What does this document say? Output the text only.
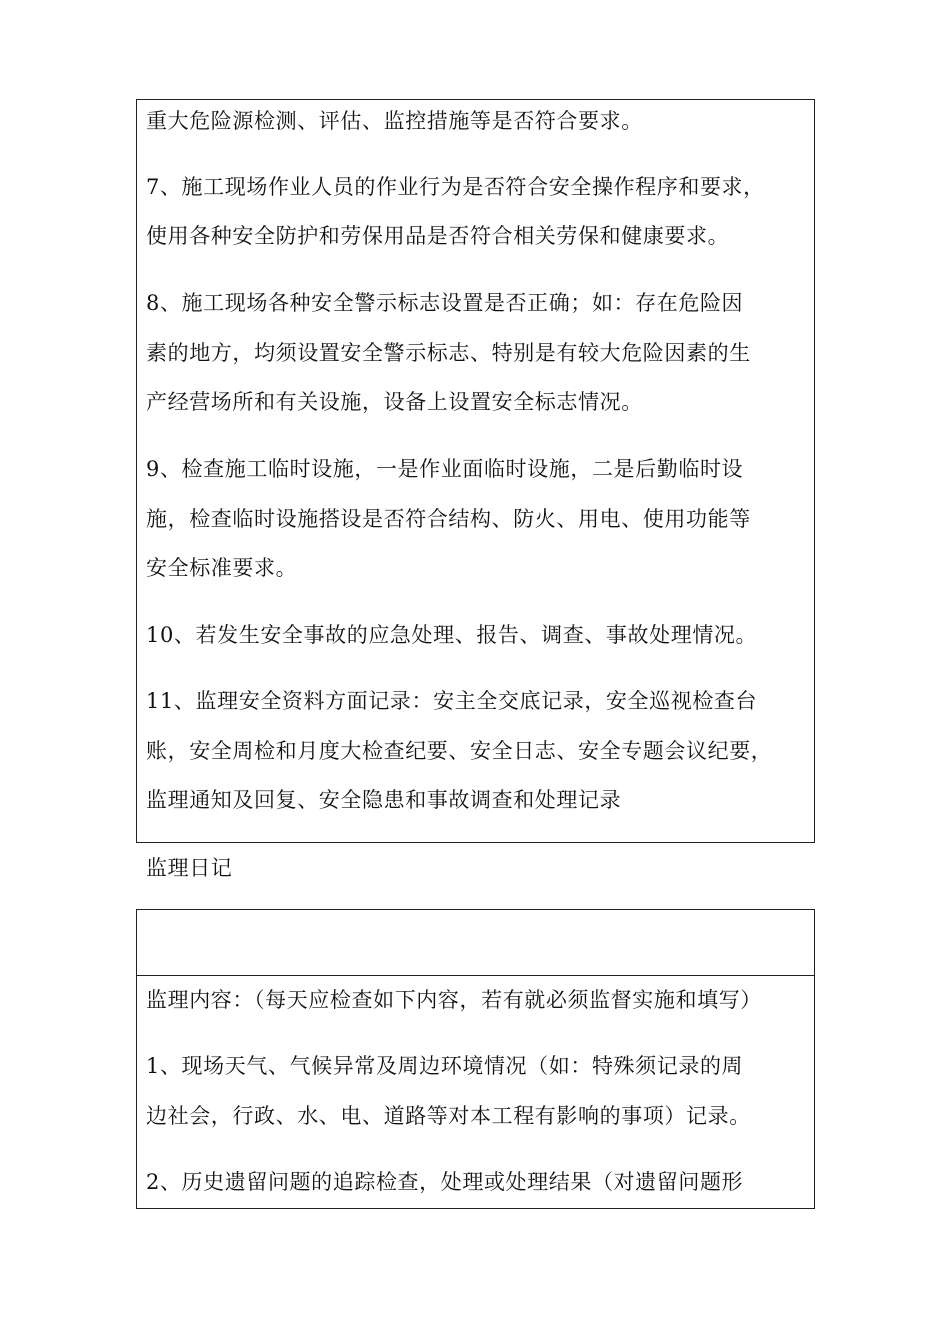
重大危险源检测、评估、监控措施等是否符合要求。
7、施工现场作业人员的作业行为是否符合安全操作程序和要求，
使用各种安全防护和劳保用品是否符合相关劳保和健康要求。
8、施工现场各种安全警示标志设置是否正确；如：存在危险因
素的地方，均须设置安全警示标志、特别是有较大危险因素的生
产经营场所和有关设施，设备上设置安全标志情况。
9、检查施工临时设施，一是作业面临时设施，二是后勤临时设
施，检查临时设施搭设是否符合结构、防火、用电、使用功能等
安全标准要求。
10、若发生安全事故的应急处理、报告、调查、事故处理情况。
11、监理安全资料方面记录：安主全交底记录，安全巡视检查台
账，安全周检和月度大检查纪要、安全日志、安全专题会议纪要，
监理通知及回复、安全隐患和事故调查和处理记录
监理日记
监理内容：（每天应检查如下内容，若有就必须监督实施和填写）
1、现场天气、气候异常及周边环境情况（如：特殊须记录的周
边社会，行政、水、电、道路等对本工程有影响的事项）记录。
2、历史遗留问题的追踪检查，处理或处理结果（对遗留问题形
